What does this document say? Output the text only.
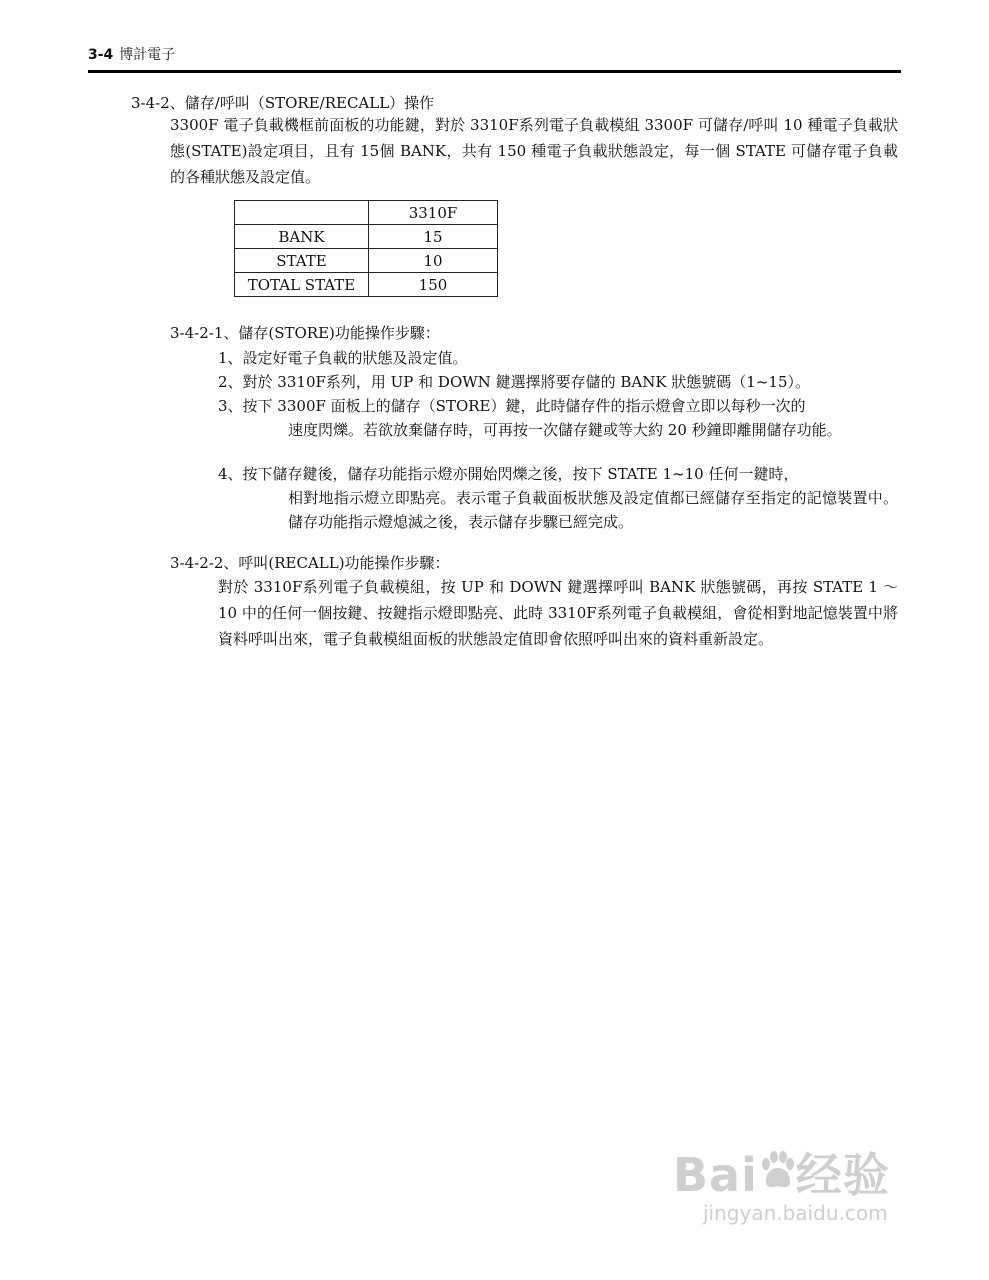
3-4 博計電子
3-4-2、儲存/呼叫（STORE/RECALL）操作
3300F 電子負載機框前面板的功能鍵，對於 3310F系列電子負載模組 3300F 可儲存/呼叫 10 種電子負載狀態(STATE)設定項目，且有 15個 BANK，共有 150 種電子負載狀態設定，每一個 STATE 可儲存電子負載的各種狀態及設定值。
	3310F
BANK	15
STATE	10
TOTAL STATE	150
3-4-2-1、儲存(STORE)功能操作步驟：
1、設定好電子負載的狀態及設定值。
2、對於 3310F系列，用 UP 和 DOWN 鍵選擇將要存儲的 BANK 狀態號碼（1~15）。
3、按下 3300F 面板上的儲存（STORE）鍵，此時儲存件的指示燈會立即以每秒一次的
速度閃爍。若欲放棄儲存時，可再按一次儲存鍵或等大約 20 秒鐘即離開儲存功能。
4、按下儲存鍵後，儲存功能指示燈亦開始閃爍之後，按下 STATE 1~10 任何一鍵時，
相對地指示燈立即點亮。表示電子負載面板狀態及設定值都已經儲存至指定的記憶裝置中。儲存功能指示燈熄滅之後，表示儲存步驟已經完成。
3-4-2-2、呼叫(RECALL)功能操作步驟：
對於 3310F系列電子負載模組，按 UP 和 DOWN 鍵選擇呼叫 BANK 狀態號碼，再按 STATE 1 ～ 10 中的任何一個按鍵、按鍵指示燈即點亮、此時 3310F系列電子負載模組，會從相對地記憶裝置中將資料呼叫出來，電子負載模組面板的狀態設定值即會依照呼叫出來的資料重新設定。
Bai 经验
jingyan.baidu.com
